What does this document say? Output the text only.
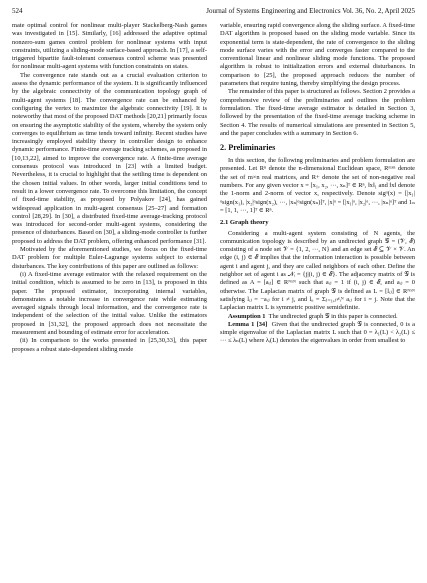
524	Journal of Systems Engineering and Electronics Vol. 36, No. 2, April 2025

mate optimal control for nonlinear multi-player Stackelberg-Nash games was investigated in [15]. Similarly, [16] addressed the adaptive optimal nonzero-sum games control problem for nonlinear systems with input constraints, utilizing a sliding-mode surface-based approach. In [17], a self-triggered bipartite fault-tolerant consensus control scheme was presented for nonlinear multi-agent systems with function constraints on states.

The convergence rate stands out as a crucial evaluation criterion to assess the dynamic performance of the system. It is significantly influenced by the algebraic connectivity of the communication topology graph of multi-agent systems [18]. The convergence rate can be enhanced by configuring the vertex to maximize the algebraic connectivity [19]. It is noteworthy that most of the proposed DAT methods [20,21] primarily focus on ensuring the asymptotic stability of the system, whereby the system only converges to equilibrium as time tends toward infinity. Recent studies have increasingly employed stability theory in controller design to enhance dynamic performance. Finite-time average tracking schemes, as proposed in [10,13,22], aimed to improve the convergence rate. A finite-time average consensus protocol was introduced in [23] with a limited budget. Nevertheless, it is crucial to highlight that the settling time is dependent on the chosen initial values. In other words, larger initial conditions tend to result in a lower convergence rate. To overcome this limitation, the concept of fixed-time stability, as proposed by Polyakov [24], has gained widespread application in multi-agent consensus [25–27] and formation control [28,29]. In [30], a distributed fixed-time average-tracking protocol was introduced for second-order multi-agent systems, considering the presence of disturbances. Based on [30], a sliding-mode controller is further proposed to address the DAT problem, offering enhanced performance [31].

Motivated by the aforementioned studies, we focus on the fixed-time DAT problem for multiple Euler-Lagrange systems subject to external disturbances. The key contributions of this paper are outlined as follows:

(i) A fixed-time average estimator with the relaxed requirement on the initial condition, which is assumed to be zero in [13], is proposed in this paper. The proposed estimator, incorporating internal variables, demonstrates a notable increase in convergence rate while estimating averaged signals through local information, and the convergence rate is independent of the selection of the initial value. Unlike the estimators proposed in [31,32], the proposed approach does not necessitate the measurement and bounding of estimate error for acceleration.

(ii) In comparison to the works presented in [25,30,33], this paper proposes a robust state-dependent sliding mode

variable, ensuring rapid convergence along the sliding surface. A fixed-time DAT algorithm is proposed based on the sliding mode variable. Since its exponential term is state-dependent, the rate of convergence to the sliding mode surface varies with the error and converges faster compared to the conventional linear and nonlinear sliding mode functions. The proposed algorithm is robust to initialization errors and external disturbances. In comparison to [25], the proposed approach reduces the number of parameters that require tuning, thereby simplifying the design process.

The remainder of this paper is structured as follows. Section 2 provides a comprehensive review of the preliminaries and outlines the problem formulation. The fixed-time average estimator is detailed in Section 3, followed by the presentation of the fixed-time average tracking scheme in Section 4. The results of numerical simulations are presented in Section 5, and the paper concludes with a summary in Section 6.

2. Preliminaries

In this section, the following preliminaries and problem formulation are presented. Let Rⁿ denote the n-dimensional Euclidean space, Rᵐˣⁿ denote the set of m×n real matrices, and R+ denote the set of non-negative real numbers. For any given vector x = [x₁, x₂, ···, xₙ]ᵀ ∈ Rⁿ, ‖x‖₁ and ‖x‖ denote the 1-norm and 2-norm of vector x, respectively. Denote sigᵅ(x) = [|x₁|ᵅsign(x₁), |x₂|ᵅsign(x₂), ···, |xₙ|ᵅsign(xₙ)]ᵀ, |x|ᵅ = [|x₁|ᵅ, |x₂|ᵅ, ···, |xₙ|ᵅ]ᵀ and 1ₙ = [1, 1, ···, 1]ᵀ ∈ Rⁿ.

2.1 Graph theory

Considering a multi-agent system consisting of N agents, the communication topology is described by an undirected graph 𝒢 = (𝒱, ℰ) consisting of a node set 𝒱 = {1, 2, ···, N} and an edge set ℰ ⊆ 𝒱 × 𝒱. An edge (i, j) ∈ ℰ implies that the information interaction is possible between agent i and agent j, and they are called neighbors of each other. Define the neighbor set of agent i as 𝒩ᵢ = {j|(i, j) ∈ ℰ}. The adjacency matrix of 𝒢 is defined as A = [aᵢⱼ] ∈ Rᴺˣᴺ such that aᵢⱼ = 1 if (i, j) ∈ ℰ, and aᵢⱼ = 0 otherwise. The Laplacian matrix of graph 𝒢 is defined as L = [lᵢⱼ] ∈ Rᴺˣᴺ satisfying lᵢⱼ = −aᵢⱼ for i ≠ j, and lᵢᵢ = Σⱼ₌₁,ⱼ≠ᵢᴺ aᵢⱼ for i = j. Note that the Laplacian matrix L is symmetric positive semidefinite.

Assumption 1 The undirected graph 𝒢 in this paper is connected.

Lemma 1 [34] Given that the undirected graph 𝒢 is connected, 0 is a simple eigenvalue of the Laplacian matrix L such that 0 = λ₁(L) < λ₂(L) ≤ ··· ≤ λₙ(L) where λᵢ(L) denotes the eigenvalues in order from smallest to
